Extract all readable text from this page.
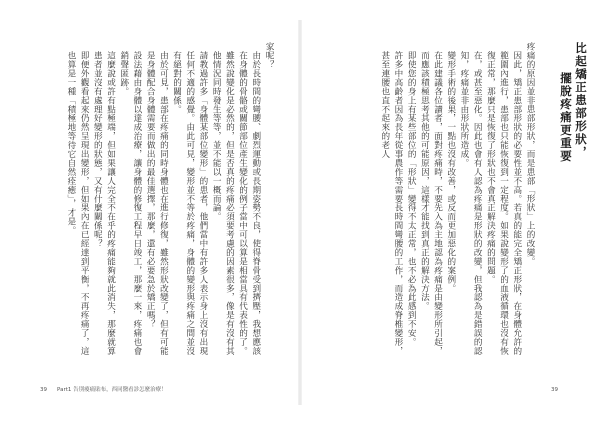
家呢？

由於長時間的彎腰、劇烈運動或長期姿勢不良，使得脊骨受到擠壓，我想應該在身體的骨骼或關節部位產生變化的例子當中可以算是相當具有代表性的了。雖然說變化是必然的，但是否真的疼痛必須要考慮的因素很多，像是有沒有其他情況同時發生等等，並不能以一概而論。

請教過許多「身體某部位變形」的患者，他們當中有許多人表示身上沒有出現任何不適的感覺。由此可見，變形並不等於疼痛，身體的變形與疼痛之間並沒有絕對的關係。

由於可見，患部在疼痛的同時身體也在進行修復，雖然形狀改變了，但有可能是身體配合身體需要而做出的最佳選擇，那麼，還有必要急於矯正嗎？

設法藉由身體以達成治療，讓身體的修復工程早日竣工，那麼一來，疼痛也會銷聲匿跡。

這麼說或許有點極端，但如果讓人完全不在乎的疼痛能夠就此消失，那麼就算患者並沒有處理好變形的狀態，又有什麼關係呢？

即便外觀看起來仍然呈現出變形，但如果內在已經達到平衡，不再疼痛了，這也算是一種「積極地等待它自然痊癒」，才是。

39 Part1 告別痠痛貼布，西同醫看診怎麼治療！

比起矯正患部形狀，

擺脫疼痛更重要

疼痛的原因並非患部形狀，而是患部「形狀」上的改變。

因此，矯正患部形狀的必要性並不高。若真的能完全矯正形狀，在身體允許的範圍內進行，患部也只能恢復到一定程度。如果說變形了的血液循環也沒有恢復正常，那麼只是恢復了形狀也不會真正解決疼痛的問題。

在，或甚至惡化。因此也會有人認為疼痛是形狀的改變，但我認為是錯誤的認知，疼痛並非由形狀所造成。

變形手術的後果，一點也沒有改善，或反而更加惡化的案例。

在此建議各位讀者，面對疼痛時，不要先入為主地認為疼痛是由變形所引起，而應該積極思考其他的可能原因，這樣才能找到真正的解決方法。

即使您的身上有某些部位的「形狀」變得不太正常，也不必為此感到不安。

許多中高齡者因為長年從事農作等需要長時間彎腰的工作，而造成脊椎變形，甚至連腰也直不起來的老人

39
